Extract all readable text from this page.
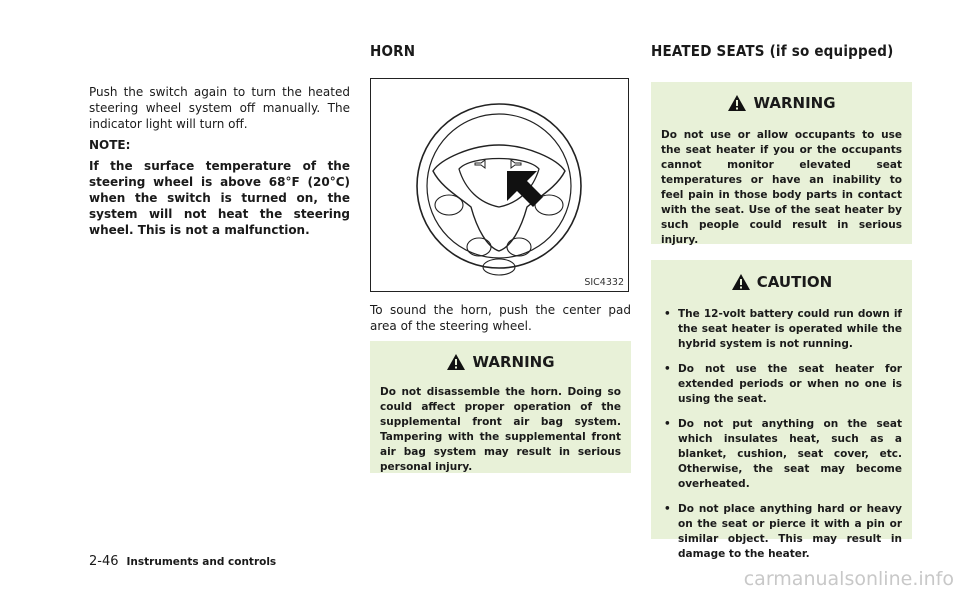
Push the switch again to turn the heated steering wheel system off manually. The indicator light will turn off.

NOTE:

If the surface temperature of the steering wheel is above 68°F (20°C) when the switch is turned on, the system will not heat the steering wheel. This is not a malfunction.

HORN	HEATED SEATS (if so equipped)
SIC4332

To sound the horn, push the center pad area of the steering wheel.

WARNING
Do not disassemble the horn. Doing so could affect proper operation of the supplemental front air bag system. Tampering with the supplemental front air bag system may result in serious personal injury.
WARNING
Do not use or allow occupants to use the seat heater if you or the occupants cannot monitor elevated seat temperatures or have an inability to feel pain in those body parts in contact with the seat. Use of the seat heater by such people could result in serious injury.
CAUTION
• The 12-volt battery could run down if the seat heater is operated while the hybrid system is not running.
• Do not use the seat heater for extended periods or when no one is using the seat.
• Do not put anything on the seat which insulates heat, such as a blanket, cushion, seat cover, etc. Otherwise, the seat may become overheated.
• Do not place anything hard or heavy on the seat or pierce it with a pin or similar object. This may result in damage to the heater.
2-46 Instruments and controls
carmanualsonline.info
